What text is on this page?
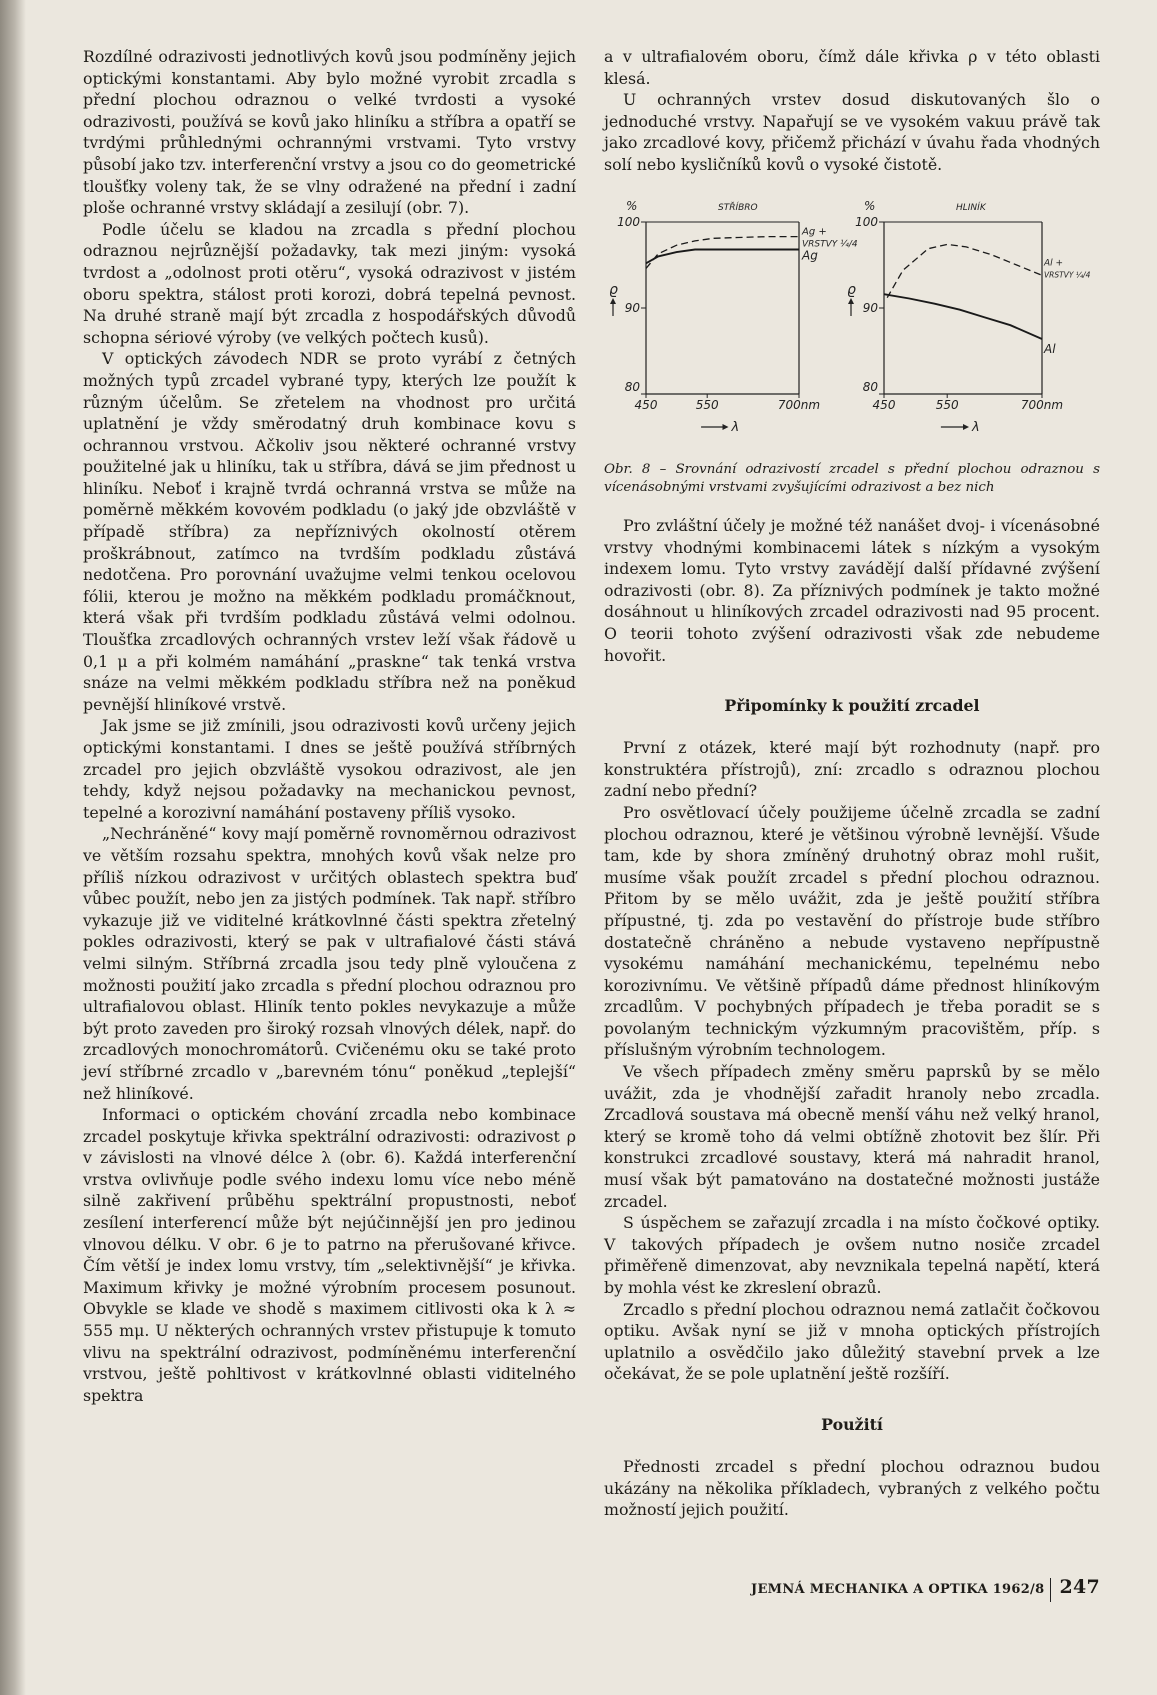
Rozdílné odrazivosti jednotlivých kovů jsou podmíněny jejich optickými konstantami. Aby bylo možné vyrobit zrcadla s přední plochou odraznou o velké tvrdosti a vysoké odrazivosti, používá se kovů jako hliníku a stříbra a opatří se tvrdými průhlednými ochrannými vrstvami. Tyto vrstvy působí jako tzv. interferenční vrstvy a jsou co do geometrické tloušťky voleny tak, že se vlny odražené na přední i zadní ploše ochranné vrstvy skládají a zesilují (obr. 7).

Podle účelu se kladou na zrcadla s přední plochou odraznou nejrůznější požadavky, tak mezi jiným: vysoká tvrdost a „odolnost proti otěru“, vysoká odrazivost v jistém oboru spektra, stálost proti korozi, dobrá tepelná pevnost. Na druhé straně mají být zrcadla z hospodářských důvodů schopna sériové výroby (ve velkých počtech kusů).

V optických závodech NDR se proto vyrábí z četných možných typů zrcadel vybrané typy, kterých lze použít k různým účelům. Se zřetelem na vhodnost pro určitá uplatnění je vždy směrodatný druh kombinace kovu s ochrannou vrstvou. Ačkoliv jsou některé ochranné vrstvy použitelné jak u hliníku, tak u stříbra, dává se jim přednost u hliníku. Neboť i krajně tvrdá ochranná vrstva se může na poměrně měkkém kovovém podkladu (o jaký jde obzvláště v případě stříbra) za nepříznivých okolností otěrem proškrábnout, zatímco na tvrdším podkladu zůstává nedotčena. Pro porovnání uvažujme velmi tenkou ocelovou fólii, kterou je možno na měkkém podkladu promáčknout, která však při tvrdším podkladu zůstává velmi odolnou. Tloušťka zrcadlových ochranných vrstev leží však řádově u 0,1 μ a při kolmém namáhání „praskne“ tak tenká vrstva snáze na velmi měkkém podkladu stříbra než na poněkud pevnější hliníkové vrstvě.

Jak jsme se již zmínili, jsou odrazivosti kovů určeny jejich optickými konstantami. I dnes se ještě používá stříbrných zrcadel pro jejich obzvláště vysokou odrazivost, ale jen tehdy, když nejsou požadavky na mechanickou pevnost, tepelné a korozivní namáhání postaveny příliš vysoko.

„Nechráněné“ kovy mají poměrně rovnoměrnou odrazivost ve větším rozsahu spektra, mnohých kovů však nelze pro příliš nízkou odrazivost v určitých oblastech spektra buď vůbec použít, nebo jen za jistých podmínek. Tak např. stříbro vykazuje již ve viditelné krátkovlnné části spektra zřetelný pokles odrazivosti, který se pak v ultrafialové části stává velmi silným. Stříbrná zrcadla jsou tedy plně vyloučena z možnosti použití jako zrcadla s přední plochou odraznou pro ultrafialovou oblast. Hliník tento pokles nevykazuje a může být proto zaveden pro široký rozsah vlnových délek, např. do zrcadlových monochromátorů. Cvičenému oku se také proto jeví stříbrné zrcadlo v „barevném tónu“ poněkud „teplejší“ než hliníkové.

Informaci o optickém chování zrcadla nebo kombinace zrcadel poskytuje křivka spektrální odrazivosti: odrazivost ρ v závislosti na vlnové délce λ (obr. 6). Každá interferenční vrstva ovlivňuje podle svého indexu lomu více nebo méně silně zakřivení průběhu spektrální propustnosti, neboť zesílení interferencí může být nejúčinnější jen pro jedinou vlnovou délku. V obr. 6 je to patrno na přerušované křivce. Čím větší je index lomu vrstvy, tím „selektivnější“ je křivka. Maximum křivky je možné výrobním procesem posunout. Obvykle se klade ve shodě s maximem citlivosti oka k λ ≈ 555 mμ. U některých ochranných vrstev přistupuje k tomuto vlivu na spektrální odrazivost, podmíněnému interferenční vrstvou, ještě pohltivost v krátkovlnné oblasti viditelného spektra

a v ultrafialovém oboru, čímž dále křivka ρ v této oblasti klesá.

U ochranných vrstev dosud diskutovaných šlo o jednoduché vrstvy. Napařují se ve vysokém vakuu právě tak jako zrcadlové kovy, přičemž přichází v úvahu řada vhodných solí nebo kysličníků kovů o vysoké čistotě.

%	STŘÍBRO
100
90
80
ϱ
450	550	700nm
λ
Ag +
VRSTVY ¼/4
Ag
%	HLINÍK
100
90
80
ϱ
450	550	700nm
λ
Al +
VRSTVY ¼/4
Al
Obr. 8 – Srovnání odrazivostí zrcadel s přední plochou odraznou s vícenásobnými vrstvami zvyšujícími odrazivost a bez nich

Pro zvláštní účely je možné též nanášet dvoj- i vícenásobné vrstvy vhodnými kombinacemi látek s nízkým a vysokým indexem lomu. Tyto vrstvy zavádějí další přídavné zvýšení odrazivosti (obr. 8). Za příznivých podmínek je takto možné dosáhnout u hliníkových zrcadel odrazivosti nad 95 procent. O teorii tohoto zvýšení odrazivosti však zde nebudeme hovořit.

Připomínky k použití zrcadel

První z otázek, které mají být rozhodnuty (např. pro konstruktéra přístrojů), zní: zrcadlo s odraznou plochou zadní nebo přední?

Pro osvětlovací účely použijeme účelně zrcadla se zadní plochou odraznou, které je většinou výrobně levnější. Všude tam, kde by shora zmíněný druhotný obraz mohl rušit, musíme však použít zrcadel s přední plochou odraznou. Přitom by se mělo uvážit, zda je ještě použití stříbra přípustné, tj. zda po vestavění do přístroje bude stříbro dostatečně chráněno a nebude vystaveno nepřípustně vysokému namáhání mechanickému, tepelnému nebo korozivnímu. Ve většině případů dáme přednost hliníkovým zrcadlům. V pochybných případech je třeba poradit se s povolaným technickým výzkumným pracovištěm, příp. s příslušným výrobním technologem.

Ve všech případech změny směru paprsků by se mělo uvážit, zda je vhodnější zařadit hranoly nebo zrcadla. Zrcadlová soustava má obecně menší váhu než velký hranol, který se kromě toho dá velmi obtížně zhotovit bez šlír. Při konstrukci zrcadlové soustavy, která má nahradit hranol, musí však být pamatováno na dostatečné možnosti justáže zrcadel.

S úspěchem se zařazují zrcadla i na místo čočkové optiky. V takových případech je ovšem nutno nosiče zrcadel přiměřeně dimenzovat, aby nevznikala tepelná napětí, která by mohla vést ke zkreslení obrazů.

Zrcadlo s přední plochou odraznou nemá zatlačit čočkovou optiku. Avšak nyní se již v mnoha optických přístrojích uplatnilo a osvědčilo jako důležitý stavební prvek a lze očekávat, že se pole uplatnění ještě rozšíří.

Použití

Přednosti zrcadel s přední plochou odraznou budou ukázány na několika příkladech, vybraných z velkého počtu možností jejich použití.

JEMNÁ MECHANIKA A OPTIKA 1962/8 247
